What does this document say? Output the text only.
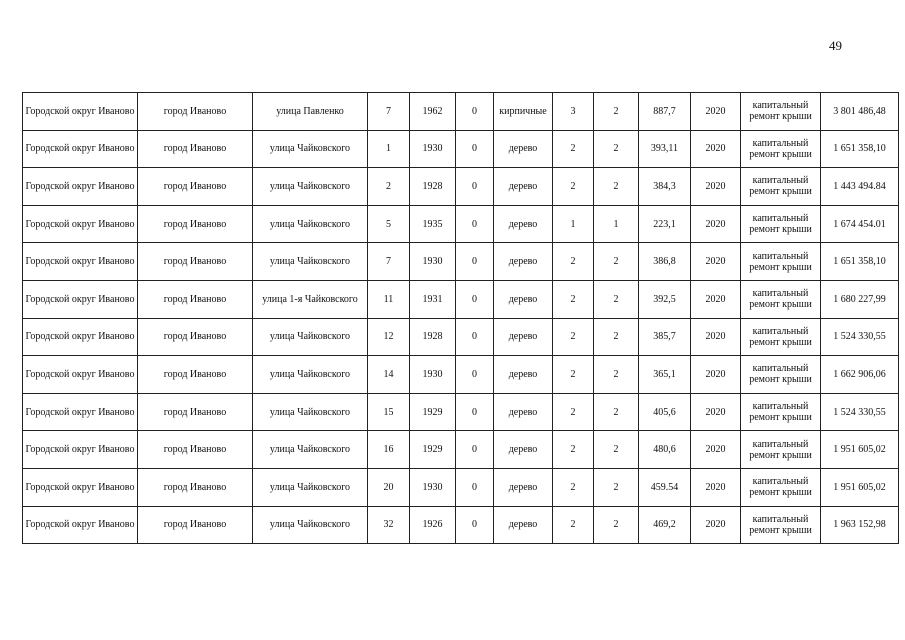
49
Городской округ Иваново	город Иваново	улица Павленко	7	1962	0	кирпичные	3	2	887,7	2020	капитальный ремонт крыши	3 801 486,48
Городской округ Иваново	город Иваново	улица Чайковского	1	1930	0	дерево	2	2	393,11	2020	капитальный ремонт крыши	1 651 358,10
Городской округ Иваново	город Иваново	улица Чайковского	2	1928	0	дерево	2	2	384,3	2020	капитальный ремонт крыши	1 443 494.84
Городской округ Иваново	город Иваново	улица Чайковского	5	1935	0	дерево	1	1	223,1	2020	капитальный ремонт крыши	1 674 454.01
Городской округ Иваново	город Иваново	улица Чайковского	7	1930	0	дерево	2	2	386,8	2020	капитальный ремонт крыши	1 651 358,10
Городской округ Иваново	город Иваново	улица 1-я Чайковского	11	1931	0	дерево	2	2	392,5	2020	капитальный ремонт крыши	1 680 227,99
Городской округ Иваново	город Иваново	улица Чайковского	12	1928	0	дерево	2	2	385,7	2020	капитальный ремонт крыши	1 524 330,55
Городской округ Иваново	город Иваново	улица Чайковского	14	1930	0	дерево	2	2	365,1	2020	капитальный ремонт крыши	1 662 906,06
Городской округ Иваново	город Иваново	улица Чайковского	15	1929	0	дерево	2	2	405,6	2020	капитальный ремонт крыши	1 524 330,55
Городской округ Иваново	город Иваново	улица Чайковского	16	1929	0	дерево	2	2	480,6	2020	капитальный ремонт крыши	1 951 605,02
Городской округ Иваново	город Иваново	улица Чайковского	20	1930	0	дерево	2	2	459.54	2020	капитальный ремонт крыши	1 951 605,02
Городской округ Иваново	город Иваново	улица Чайковского	32	1926	0	дерево	2	2	469,2	2020	капитальный ремонт крыши	1 963 152,98
